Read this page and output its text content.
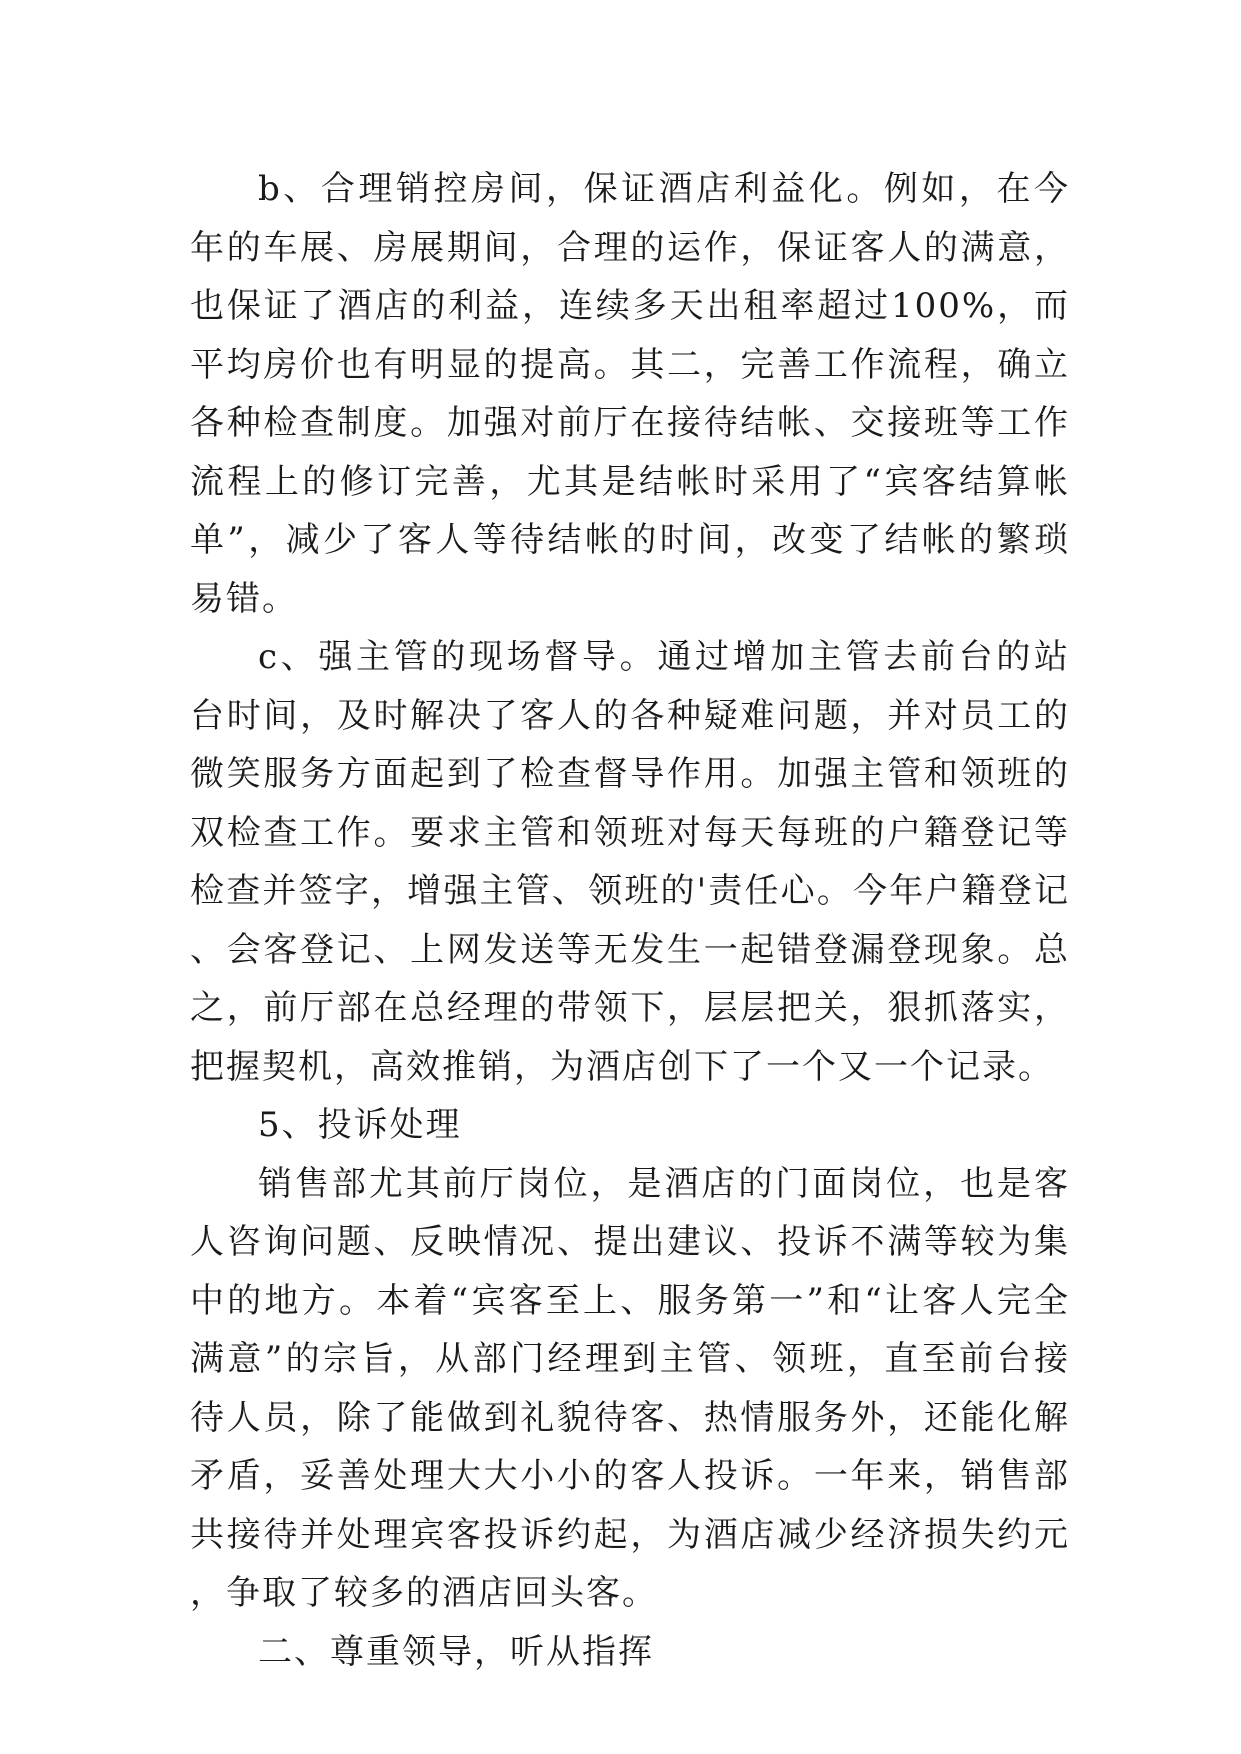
b、合理销控房间，保证酒店利益化。例如，在今年的车展、房展期间，合理的运作，保证客人的满意，也保证了酒店的利益，连续多天出租率超过100%，而平均房价也有明显的提高。其二，完善工作流程，确立各种检查制度。加强对前厅在接待结帐、交接班等工作流程上的修订完善，尤其是结帐时采用了“宾客结算帐单”，减少了客人等待结帐的时间，改变了结帐的繁琐易错。

c、强主管的现场督导。通过增加主管去前台的站台时间，及时解决了客人的各种疑难问题，并对员工的微笑服务方面起到了检查督导作用。加强主管和领班的双检查工作。要求主管和领班对每天每班的户籍登记等检查并签字，增强主管、领班的'责任心。今年户籍登记、会客登记、上网发送等无发生一起错登漏登现象。总之，前厅部在总经理的带领下，层层把关，狠抓落实，把握契机，高效推销，为酒店创下了一个又一个记录。

5、投诉处理

销售部尤其前厅岗位，是酒店的门面岗位，也是客人咨询问题、反映情况、提出建议、投诉不满等较为集中的地方。本着“宾客至上、服务第一”和“让客人完全满意”的宗旨，从部门经理到主管、领班，直至前台接待人员，除了能做到礼貌待客、热情服务外，还能化解矛盾，妥善处理大大小小的客人投诉。一年来，销售部共接待并处理宾客投诉约起，为酒店减少经济损失约元，争取了较多的酒店回头客。

二、尊重领导，听从指挥
